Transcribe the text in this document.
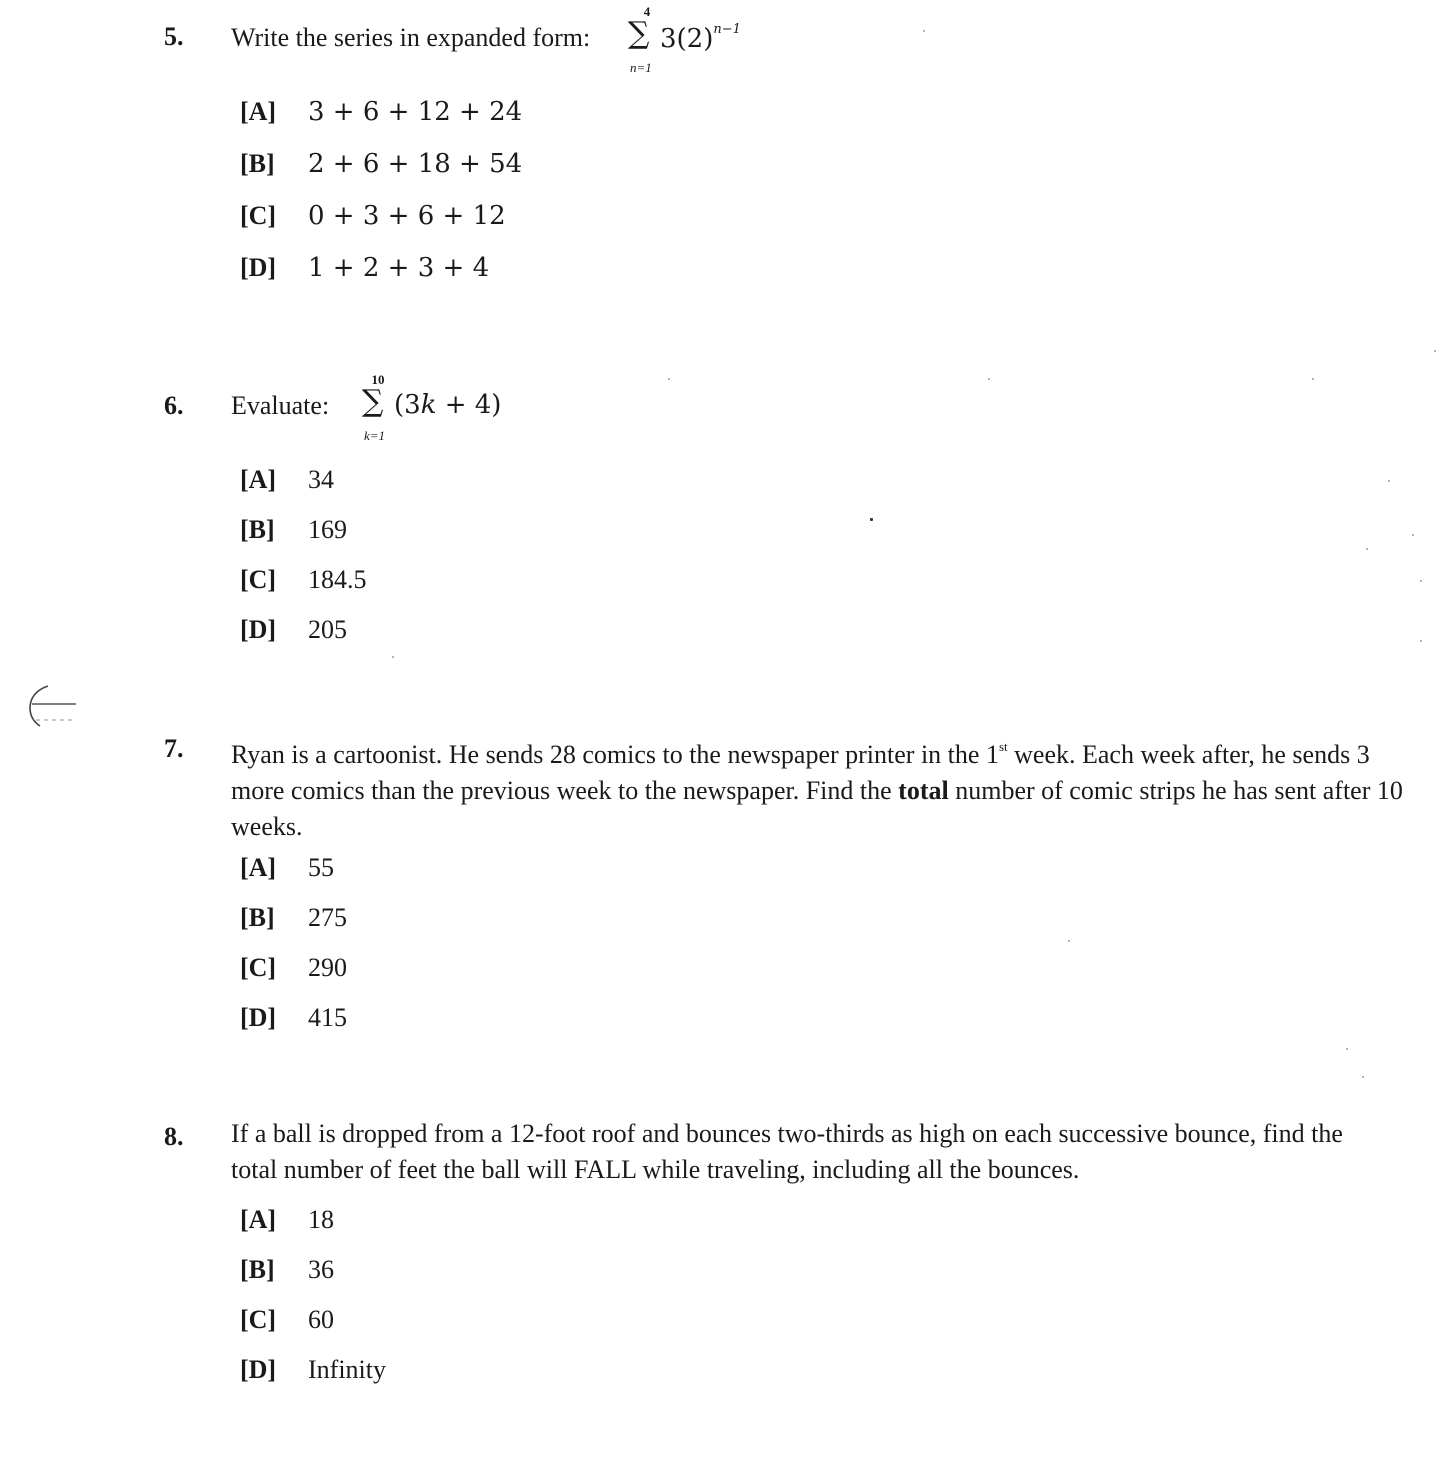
5. Write the series in expanded form:
4
∑
n=1
$3(2)^{n-1}$
[A] 3 + 6 + 12 + 24
[B] 2 + 6 + 18 + 54
[C] 0 + 3 + 6 + 12
[D] 1 + 2 + 3 + 4
6. Evaluate:
10
∑
k=1
(3k + 4)
[A] 34
[B] 169
[C] 184.5
[D] 205
7. Ryan is a cartoonist. He sends 28 comics to the newspaper printer in the 1st week. Each week after, he sends 3 more comics than the previous week to the newspaper. Find the total number of comic strips he has sent after 10 weeks.
[A] 55
[B] 275
[C] 290
[D] 415
8. If a ball is dropped from a 12-foot roof and bounces two-thirds as high on each successive bounce, find the total number of feet the ball will FALL while traveling, including all the bounces.
[A] 18
[B] 36
[C] 60
[D] Infinity
